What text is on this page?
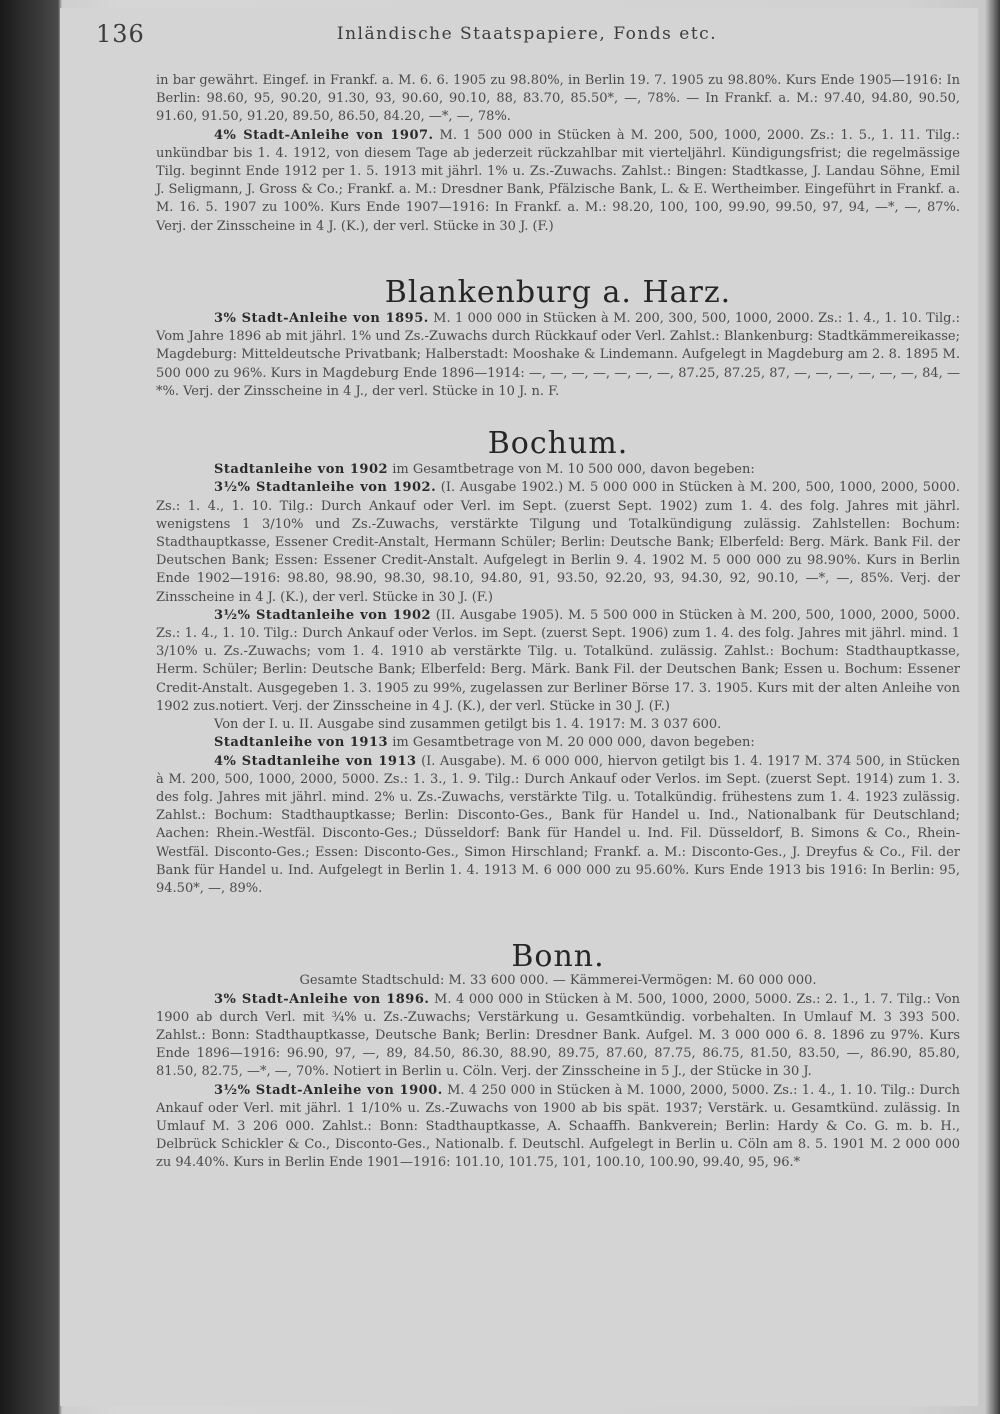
136	Inländische Staatspapiere, Fonds etc.

in bar gewährt. Eingef. in Frankf. a. M. 6. 6. 1905 zu 98.80%, in Berlin 19. 7. 1905 zu 98.80%. Kurs Ende 1905—1916: In Berlin: 98.60, 95, 90.20, 91.30, 93, 90.60, 90.10, 88, 83.70, 85.50*, —, 78%. — In Frankf. a. M.: 97.40, 94.80, 90.50, 91.60, 91.50, 91.20, 89.50, 86.50, 84.20, —*, —, 78%.

4% Stadt-Anleihe von 1907. M. 1 500 000 in Stücken à M. 200, 500, 1000, 2000. Zs.: 1. 5., 1. 11. Tilg.: unkündbar bis 1. 4. 1912, von diesem Tage ab jederzeit rückzahlbar mit vierteljährl. Kündigungsfrist; die regelmässige Tilg. beginnt Ende 1912 per 1. 5. 1913 mit jährl. 1% u. Zs.-Zuwachs. Zahlst.: Bingen: Stadtkasse, J. Landau Söhne, Emil J. Seligmann, J. Gross & Co.; Frankf. a. M.: Dresdner Bank, Pfälzische Bank, L. & E. Wertheimber. Eingeführt in Frankf. a. M. 16. 5. 1907 zu 100%. Kurs Ende 1907—1916: In Frankf. a. M.: 98.20, 100, 100, 99.90, 99.50, 97, 94, —*, —, 87%. Verj. der Zinsscheine in 4 J. (K.), der verl. Stücke in 30 J. (F.)

Blankenburg a. Harz.

3% Stadt-Anleihe von 1895. M. 1 000 000 in Stücken à M. 200, 300, 500, 1000, 2000. Zs.: 1. 4., 1. 10. Tilg.: Vom Jahre 1896 ab mit jährl. 1% und Zs.-Zuwachs durch Rückkauf oder Verl. Zahlst.: Blankenburg: Stadtkämmereikasse; Magdeburg: Mitteldeutsche Privatbank; Halberstadt: Mooshake & Lindemann. Aufgelegt in Magdeburg am 2. 8. 1895 M. 500 000 zu 96%. Kurs in Magdeburg Ende 1896—1914: —, —, —, —, —, —, —, 87.25, 87.25, 87, —, —, —, —, —, —, 84, —*%. Verj. der Zinsscheine in 4 J., der verl. Stücke in 10 J. n. F.

Bochum.

Stadtanleihe von 1902 im Gesamtbetrage von M. 10 500 000, davon begeben:

3½% Stadtanleihe von 1902. (I. Ausgabe 1902.) M. 5 000 000 in Stücken à M. 200, 500, 1000, 2000, 5000. Zs.: 1. 4., 1. 10. Tilg.: Durch Ankauf oder Verl. im Sept. (zuerst Sept. 1902) zum 1. 4. des folg. Jahres mit jährl. wenigstens 1 3/10% und Zs.-Zuwachs, verstärkte Tilgung und Totalkündigung zulässig. Zahlstellen: Bochum: Stadthauptkasse, Essener Credit-Anstalt, Hermann Schüler; Berlin: Deutsche Bank; Elberfeld: Berg. Märk. Bank Fil. der Deutschen Bank; Essen: Essener Credit-Anstalt. Aufgelegt in Berlin 9. 4. 1902 M. 5 000 000 zu 98.90%. Kurs in Berlin Ende 1902—1916: 98.80, 98.90, 98.30, 98.10, 94.80, 91, 93.50, 92.20, 93, 94.30, 92, 90.10, —*, —, 85%. Verj. der Zinsscheine in 4 J. (K.), der verl. Stücke in 30 J. (F.)

3½% Stadtanleihe von 1902 (II. Ausgabe 1905). M. 5 500 000 in Stücken à M. 200, 500, 1000, 2000, 5000. Zs.: 1. 4., 1. 10. Tilg.: Durch Ankauf oder Verlos. im Sept. (zuerst Sept. 1906) zum 1. 4. des folg. Jahres mit jährl. mind. 1 3/10% u. Zs.-Zuwachs; vom 1. 4. 1910 ab verstärkte Tilg. u. Totalkünd. zulässig. Zahlst.: Bochum: Stadthauptkasse, Herm. Schüler; Berlin: Deutsche Bank; Elberfeld: Berg. Märk. Bank Fil. der Deutschen Bank; Essen u. Bochum: Essener Credit-Anstalt. Ausgegeben 1. 3. 1905 zu 99%, zugelassen zur Berliner Börse 17. 3. 1905. Kurs mit der alten Anleihe von 1902 zus.notiert. Verj. der Zinsscheine in 4 J. (K.), der verl. Stücke in 30 J. (F.)

Von der I. u. II. Ausgabe sind zusammen getilgt bis 1. 4. 1917: M. 3 037 600.

Stadtanleihe von 1913 im Gesamtbetrage von M. 20 000 000, davon begeben:

4% Stadtanleihe von 1913 (I. Ausgabe). M. 6 000 000, hiervon getilgt bis 1. 4. 1917 M. 374 500, in Stücken à M. 200, 500, 1000, 2000, 5000. Zs.: 1. 3., 1. 9. Tilg.: Durch Ankauf oder Verlos. im Sept. (zuerst Sept. 1914) zum 1. 3. des folg. Jahres mit jährl. mind. 2% u. Zs.-Zuwachs, verstärkte Tilg. u. Totalkündig. frühestens zum 1. 4. 1923 zulässig. Zahlst.: Bochum: Stadthauptkasse; Berlin: Disconto-Ges., Bank für Handel u. Ind., Nationalbank für Deutschland; Aachen: Rhein.-Westfäl. Disconto-Ges.; Düsseldorf: Bank für Handel u. Ind. Fil. Düsseldorf, B. Simons & Co., Rhein-Westfäl. Disconto-Ges.; Essen: Disconto-Ges., Simon Hirschland; Frankf. a. M.: Disconto-Ges., J. Dreyfus & Co., Fil. der Bank für Handel u. Ind. Aufgelegt in Berlin 1. 4. 1913 M. 6 000 000 zu 95.60%. Kurs Ende 1913 bis 1916: In Berlin: 95, 94.50*, —, 89%.

Bonn.

Gesamte Stadtschuld: M. 33 600 000. — Kämmerei-Vermögen: M. 60 000 000.

3% Stadt-Anleihe von 1896. M. 4 000 000 in Stücken à M. 500, 1000, 2000, 5000. Zs.: 2. 1., 1. 7. Tilg.: Von 1900 ab durch Verl. mit ¾% u. Zs.-Zuwachs; Verstärkung u. Gesamtkündig. vorbehalten. In Umlauf M. 3 393 500. Zahlst.: Bonn: Stadthauptkasse, Deutsche Bank; Berlin: Dresdner Bank. Aufgel. M. 3 000 000 6. 8. 1896 zu 97%. Kurs Ende 1896—1916: 96.90, 97, —, 89, 84.50, 86.30, 88.90, 89.75, 87.60, 87.75, 86.75, 81.50, 83.50, —, 86.90, 85.80, 81.50, 82.75, —*, —, 70%. Notiert in Berlin u. Cöln. Verj. der Zinsscheine in 5 J., der Stücke in 30 J.

3½% Stadt-Anleihe von 1900. M. 4 250 000 in Stücken à M. 1000, 2000, 5000. Zs.: 1. 4., 1. 10. Tilg.: Durch Ankauf oder Verl. mit jährl. 1 1/10% u. Zs.-Zuwachs von 1900 ab bis spät. 1937; Verstärk. u. Gesamtkünd. zulässig. In Umlauf M. 3 206 000. Zahlst.: Bonn: Stadthauptkasse, A. Schaaffh. Bankverein; Berlin: Hardy & Co. G. m. b. H., Delbrück Schickler & Co., Disconto-Ges., Nationalb. f. Deutschl. Aufgelegt in Berlin u. Cöln am 8. 5. 1901 M. 2 000 000 zu 94.40%. Kurs in Berlin Ende 1901—1916: 101.10, 101.75, 101, 100.10, 100.90, 99.40, 95, 96.*
